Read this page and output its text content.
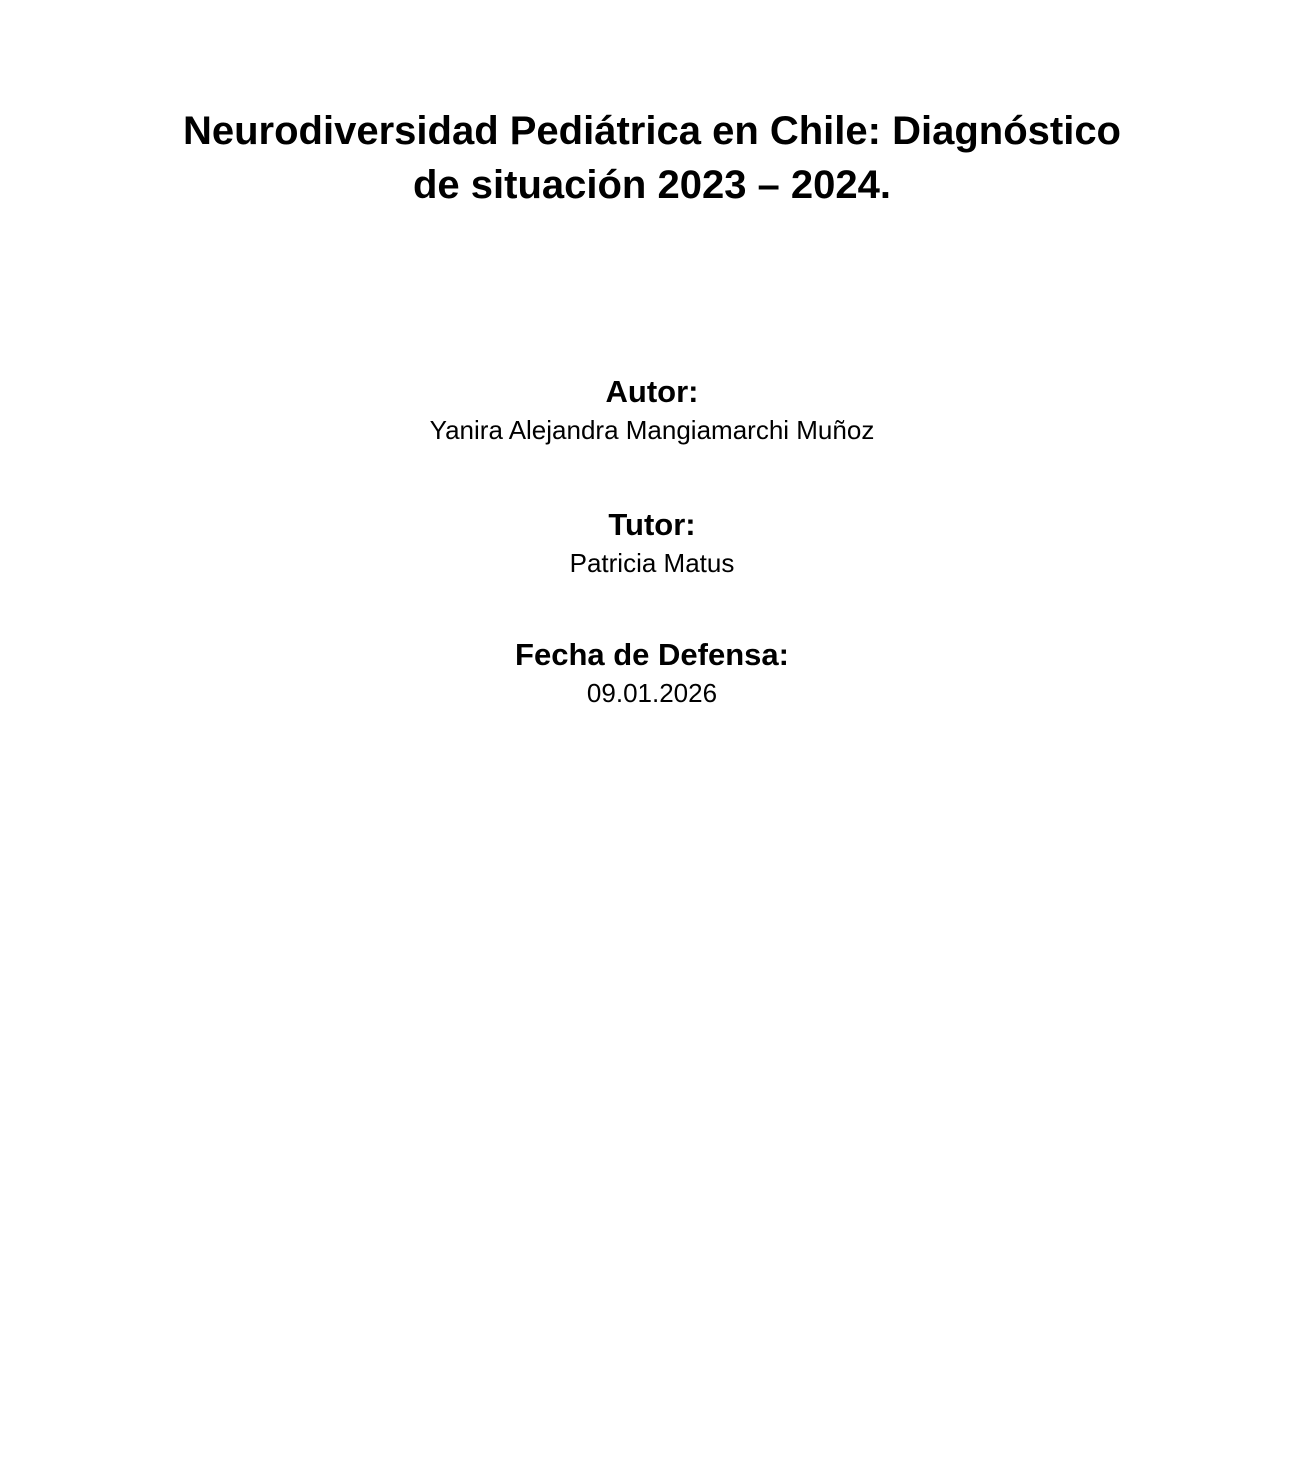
Neurodiversidad Pediátrica en Chile: Diagnóstico
de situación 2023 – 2024.

Autor:

Yanira Alejandra Mangiamarchi Muñoz

Tutor:

Patricia Matus

Fecha de Defensa:

09.01.2026
